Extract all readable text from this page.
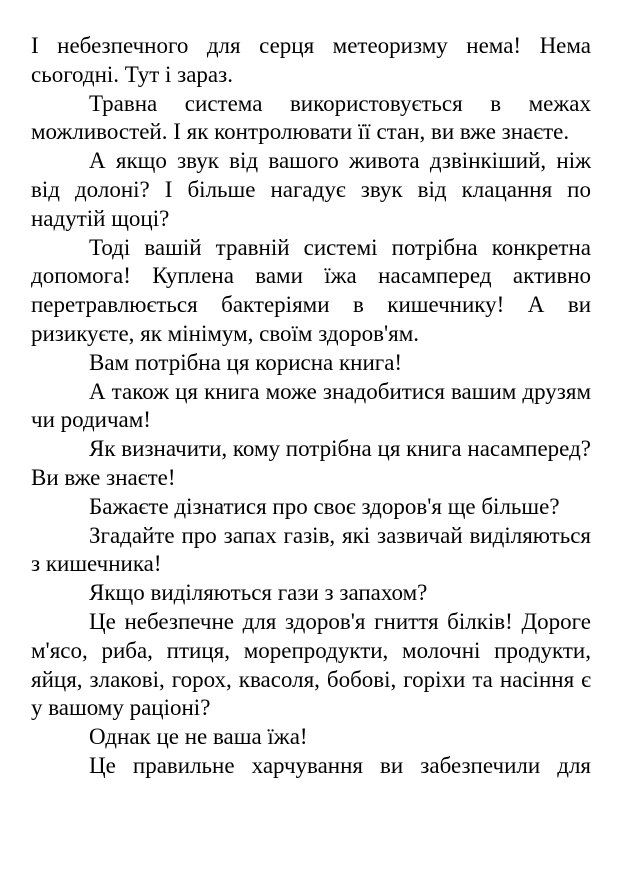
І небезпечного для серця метеоризму нема! Нема сьогодні. Тут і зараз.

Травна система використовується в межах можливостей. І як контролювати її стан, ви вже знаєте.

А якщо звук від вашого живота дзвінкіший, ніж від долоні? І більше нагадує звук від клацання по надутій щоці?

Тоді вашій травній системі потрібна конкретна допомога! Куплена вами їжа насамперед активно перетравлюється бактеріями в кишечнику! А ви ризикуєте, як мінімум, своїм здоров'ям.

Вам потрібна ця корисна книга!

А також ця книга може знадобитися вашим друзям чи родичам!

Як визначити, кому потрібна ця книга насамперед? Ви вже знаєте!

Бажаєте дізнатися про своє здоров'я ще більше?

Згадайте про запах газів, які зазвичай виділяються з кишечника!

Якщо виділяються гази з запахом?

Це небезпечне для здоров'я гниття білків! Дороге м'ясо, риба, птиця, морепродукти, молочні продукти, яйця, злакові, горох, квасоля, бобові, горіхи та насіння є у вашому раціоні?

Однак це не ваша їжа!

Це правильне харчування ви забезпечили для
